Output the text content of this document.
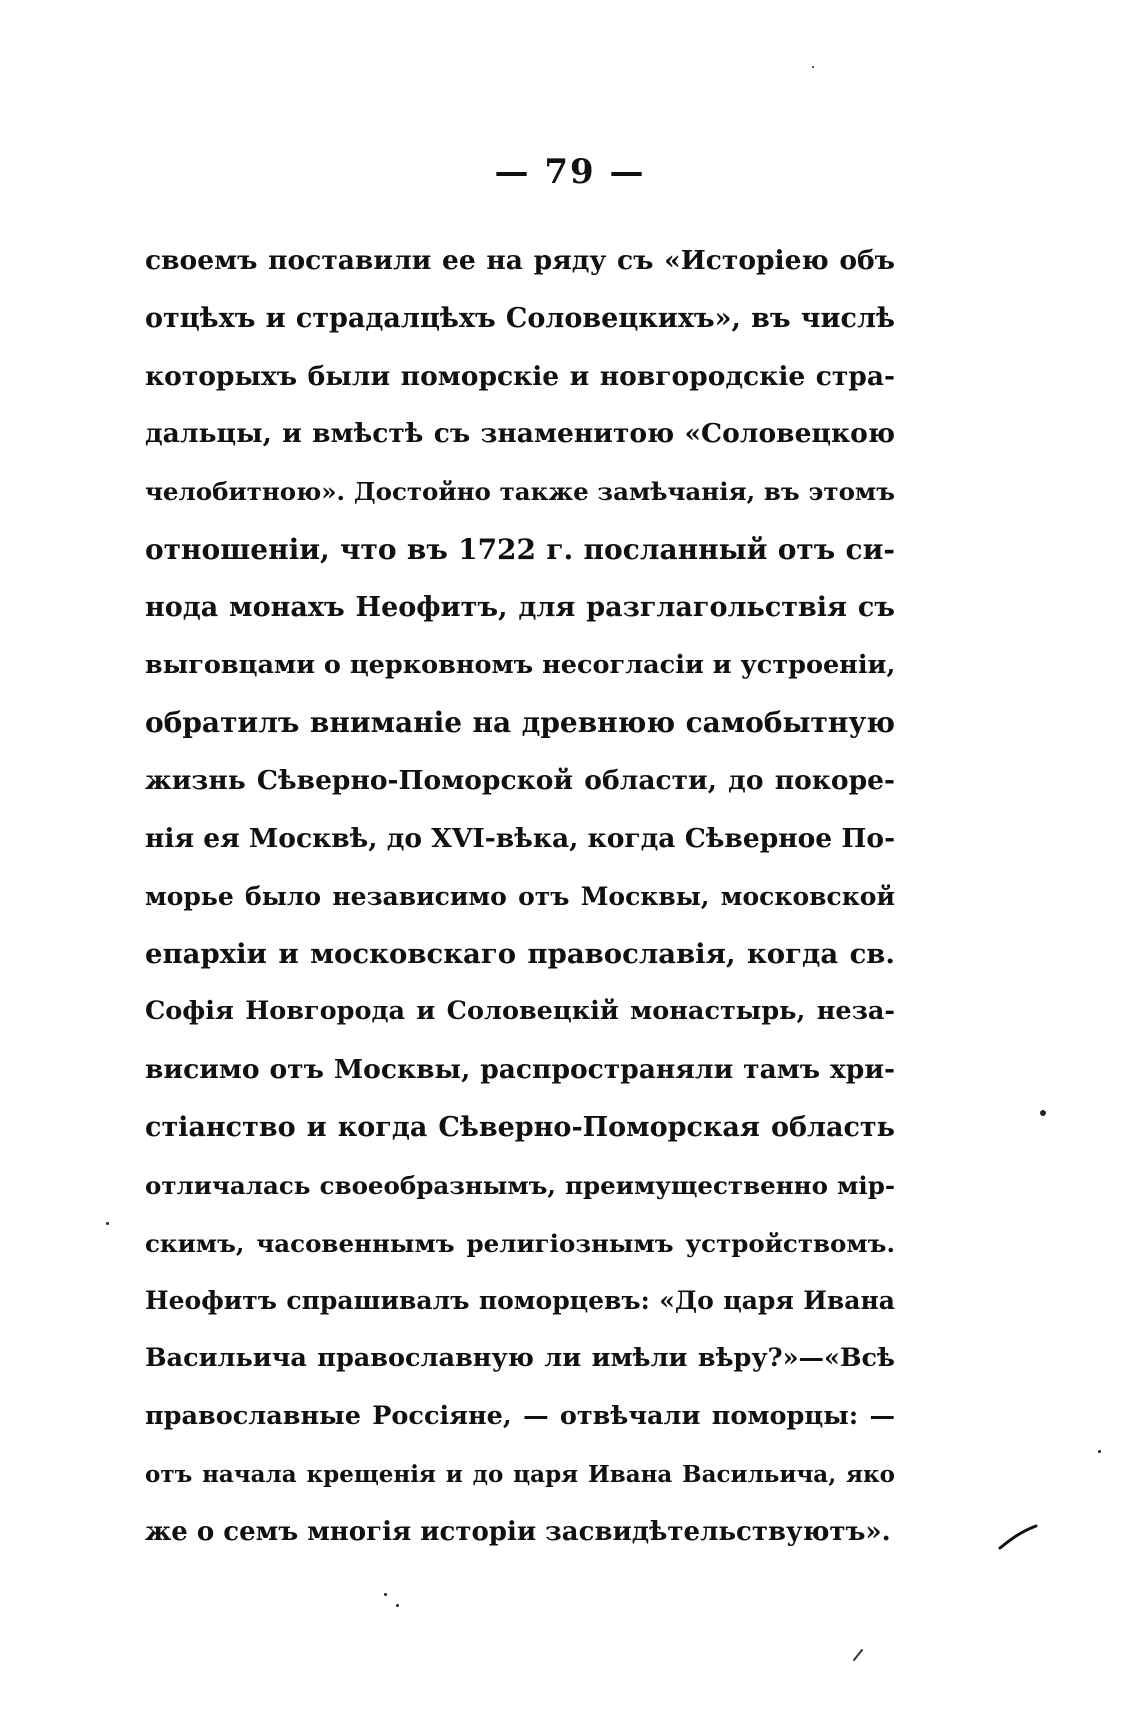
— 79 —
своемъ поставили ее на ряду съ «Исторіею объ
отцѣхъ и страдалцѣхъ Соловецкихъ», въ числѣ
которыхъ были поморскіе и новгородскіе стра-
дальцы, и вмѣстѣ съ знаменитою «Соловецкою
челобитною». Достойно также замѣчанія, въ этомъ
отношеніи, что въ 1722 г. посланный отъ си-
нода монахъ Неофитъ, для разглагольствія съ
выговцами о церковномъ несогласіи и устроеніи,
обратилъ вниманіе на древнюю самобытную
жизнь Сѣверно-Поморской области, до покоре-
нія ея Москвѣ, до XVI-вѣка, когда Сѣверное По-
морье было независимо отъ Москвы, московской
епархіи и московскаго православія, когда св.
Софія Новгорода и Соловецкій монастырь, неза-
висимо отъ Москвы, распространяли тамъ хри-
стіанство и когда Сѣверно-Поморская область
отличалась своеобразнымъ, преимущественно мір-
скимъ, часовеннымъ религіознымъ устройствомъ.
Неофитъ спрашивалъ поморцевъ: «До царя Ивана
Васильича православную ли имѣли вѣру?»—«Всѣ
православные Россіяне, — отвѣчали поморцы: —
отъ начала крещенія и до царя Ивана Васильича, яко
же о семъ многія исторіи засвидѣтельствуютъ».
